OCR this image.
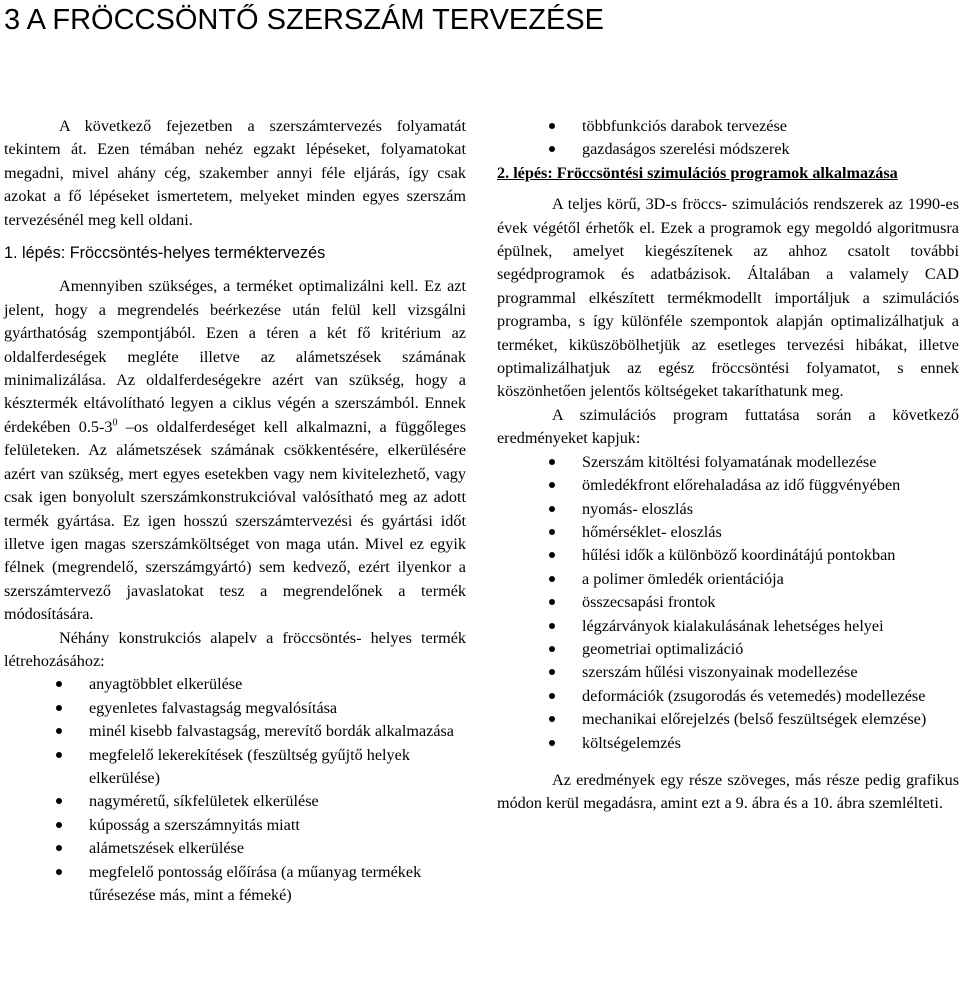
3 A FRÖCCSÖNTŐ SZERSZÁM TERVEZÉSE

A következő fejezetben a szerszámtervezés folyamatát tekintem át. Ezen témában nehéz egzakt lépéseket, folyamatokat megadni, mivel ahány cég, szakember annyi féle eljárás, így csak azokat a fő lépéseket ismertetem, melyeket minden egyes szerszám tervezésénél meg kell oldani.

1. lépés: Fröccsöntés-helyes terméktervezés

Amennyiben szükséges, a terméket optimalizálni kell. Ez azt jelent, hogy a megrendelés beérkezése után felül kell vizsgálni gyárthatóság szempontjából. Ezen a téren a két fő kritérium az oldalferdeségek megléte illetve az alámetszések számának minimalizálása. Az oldalferdeségekre azért van szükség, hogy a késztermék eltávolítható legyen a ciklus végén a szerszámból. Ennek érdekében $0.5-3^0$ –os oldalferdeséget kell alkalmazni, a függőleges felületeken. Az alámetszések számának csökkentésére, elkerülésére azért van szükség, mert egyes esetekben vagy nem kivitelezhető, vagy csak igen bonyolult szerszámkonstrukcióval valósítható meg az adott termék gyártása. Ez igen hosszú szerszámtervezési és gyártási időt illetve igen magas szerszámköltséget von maga után. Mivel ez egyik félnek (megrendelő, szerszámgyártó) sem kedvező, ezért ilyenkor a szerszámtervező javaslatokat tesz a megrendelőnek a termék módosítására.

Néhány konstrukciós alapelv a fröccsöntés- helyes termék létrehozásához:

anyagtöbblet elkerülése
egyenletes falvastagság megvalósítása
minél kisebb falvastagság, merevítő bordák alkalmazása
megfelelő lekerekítések (feszültség gyűjtő helyek elkerülése)
nagyméretű, síkfelületek elkerülése
kúposság a szerszámnyitás miatt
alámetszések elkerülése
megfelelő pontosság előírása (a műanyag termékek tűrésezése más, mint a fémeké)
többfunkciós darabok tervezése
gazdaságos szerelési módszerek

2. lépés: Fröccsöntési szimulációs programok alkalmazása

A teljes körű, 3D-s fröccs- szimulációs rendszerek az 1990-es évek végétől érhetők el. Ezek a programok egy megoldó algoritmusra épülnek, amelyet kiegészítenek az ahhoz csatolt további segédprogramok és adatbázisok. Általában a valamely CAD programmal elkészített termékmodellt importáljuk a szimulációs programba, s így különféle szempontok alapján optimalizálhatjuk a terméket, kiküszöbölhetjük az esetleges tervezési hibákat, illetve optimalizálhatjuk az egész fröccsöntési folyamatot, s ennek köszönhetően jelentős költségeket takaríthatunk meg.

A szimulációs program futtatása során a következő eredményeket kapjuk:

Szerszám kitöltési folyamatának modellezése
ömledékfront előrehaladása az idő függvényében
nyomás- eloszlás
hőmérséklet- eloszlás
hűlési idők a különböző koordinátájú pontokban
a polimer ömledék orientációja
összecsapási frontok
légzárványok kialakulásának lehetséges helyei
geometriai optimalizáció
szerszám hűlési viszonyainak modellezése
deformációk (zsugorodás és vetemedés) modellezése
mechanikai előrejelzés (belső feszültségek elemzése)
költségelemzés

Az eredmények egy része szöveges, más része pedig grafikus módon kerül megadásra, amint ezt a 9. ábra és a 10. ábra szemlélteti.
